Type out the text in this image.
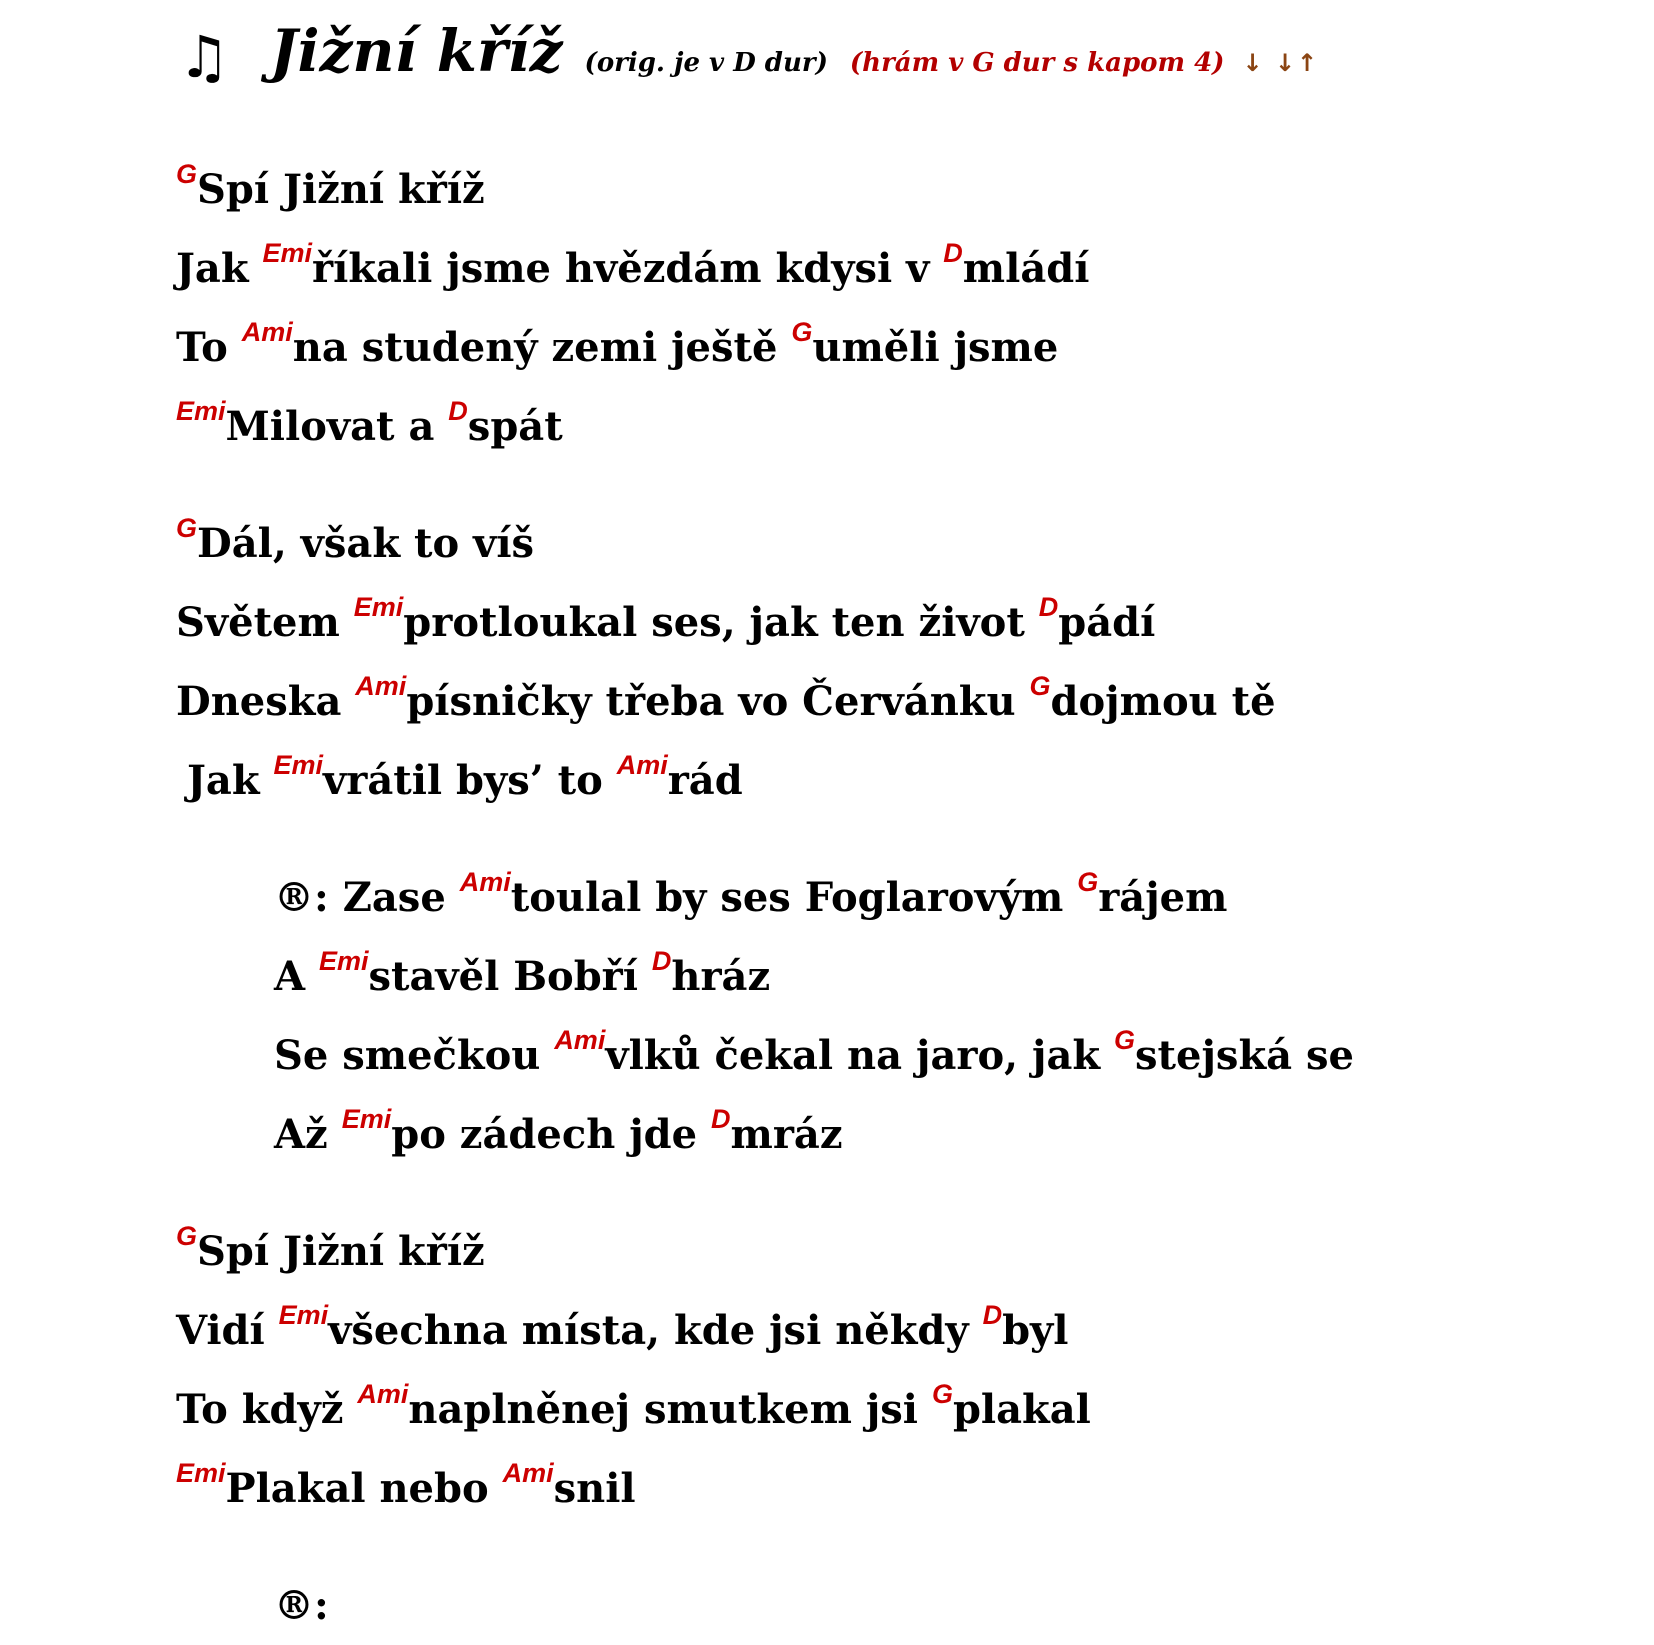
♫ Jižní kříž (orig. je v D dur) (hrám v G dur s kapom 4) ↓ ↓↑
$^G$Spí Jižní kříž
Jak $^{Emi}$říkali jsme hvězdám kdysi v $^D$mládí
To $^{Ami}$na studený zemi ještě $^G$uměli jsme
$^{Emi}$Milovat a $^D$spát
$^G$Dál, však to víš
Světem $^{Emi}$protloukal ses, jak ten život $^D$pádí
Dneska $^{Ami}$písničky třeba vo Červánku $^G$dojmou tě
Jak $^{Emi}$vrátil bys’ to $^{Ami}$rád
®: Zase $^{Ami}$toulal by ses Foglarovým $^G$rájem
A $^{Emi}$stavěl Bobří $^D$hráz
Se smečkou $^{Ami}$vlků čekal na jaro, jak $^G$stejská se
Až $^{Emi}$po zádech jde $^D$mráz
$^G$Spí Jižní kříž
Vidí $^{Emi}$všechna místa, kde jsi někdy $^D$byl
To když $^{Ami}$naplněnej smutkem jsi $^G$plakal
$^{Emi}$Plakal nebo $^{Ami}$snil
®:
